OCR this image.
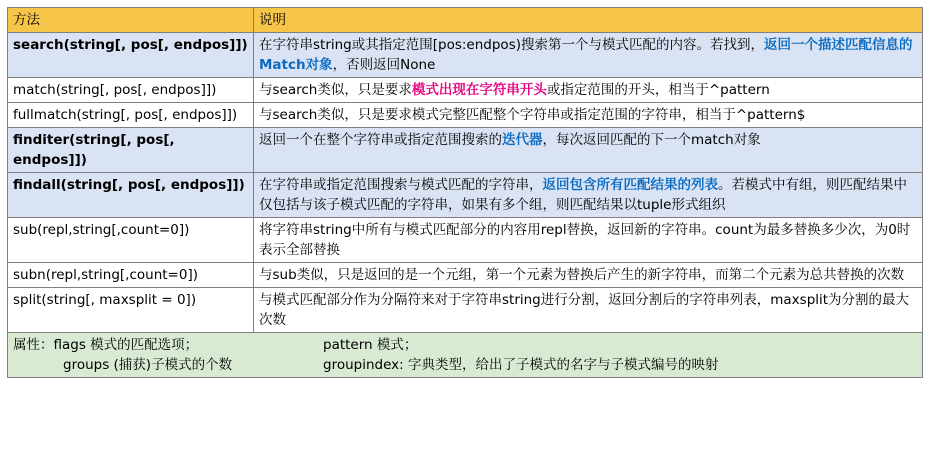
方法	说明
search(string[, pos[, endpos]])	在字符串string或其指定范围[pos:endpos)搜索第一个与模式匹配的内容。若找到，返回一个描述匹配信息的Match对象，否则返回None
match(string[, pos[, endpos]])	与search类似，只是要求模式出现在字符串开头或指定范围的开头，相当于^pattern
fullmatch(string[, pos[, endpos]])	与search类似，只是要求模式完整匹配整个字符串或指定范围的字符串，相当于^pattern$
finditer(string[, pos[, endpos]])	返回一个在整个字符串或指定范围搜索的迭代器，每次返回匹配的下一个match对象
findall(string[, pos[, endpos]])	在字符串或指定范围搜索与模式匹配的字符串，返回包含所有匹配结果的列表。若模式中有组，则匹配结果中仅包括与该子模式匹配的字符串，如果有多个组，则匹配结果以tuple形式组织
sub(repl,string[,count=0])	将字符串string中所有与模式匹配部分的内容用repl替换，返回新的字符串。count为最多替换多少次，为0时表示全部替换
subn(repl,string[,count=0])	与sub类似，只是返回的是一个元组，第一个元素为替换后产生的新字符串，而第二个元素为总共替换的次数
split(string[, maxsplit = 0])	与模式匹配部分作为分隔符来对于字符串string进行分割，返回分割后的字符串列表，maxsplit为分割的最大次数

属性：flags 模式的匹配选项； pattern 模式；
groups (捕获)子模式的个数 groupindex: 字典类型，给出了子模式的名字与子模式编号的映射	
